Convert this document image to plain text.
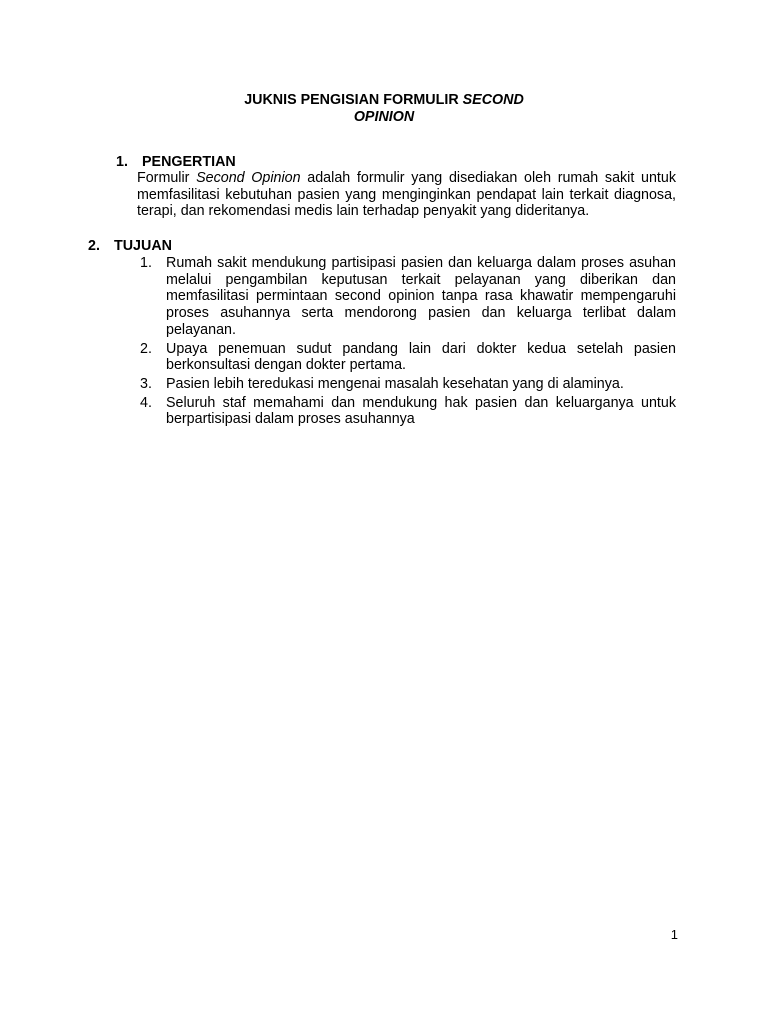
JUKNIS PENGISIAN FORMULIR SECOND
OPINION
1. PENGERTIAN
Formulir Second Opinion adalah formulir yang disediakan oleh rumah sakit untuk memfasilitasi kebutuhan pasien yang menginginkan pendapat lain terkait diagnosa, terapi, dan rekomendasi medis lain terhadap penyakit yang dideritanya.
2. TUJUAN
1. Rumah sakit mendukung partisipasi pasien dan keluarga dalam proses asuhan melalui pengambilan keputusan terkait pelayanan yang diberikan dan memfasilitasi permintaan second opinion tanpa rasa khawatir mempengaruhi proses asuhannya serta mendorong pasien dan keluarga terlibat dalam pelayanan.
2. Upaya penemuan sudut pandang lain dari dokter kedua setelah pasien berkonsultasi dengan dokter pertama.
3. Pasien lebih teredukasi mengenai masalah kesehatan yang di alaminya.
4. Seluruh staf memahami dan mendukung hak pasien dan keluarganya untuk berpartisipasi dalam proses asuhannya
1
